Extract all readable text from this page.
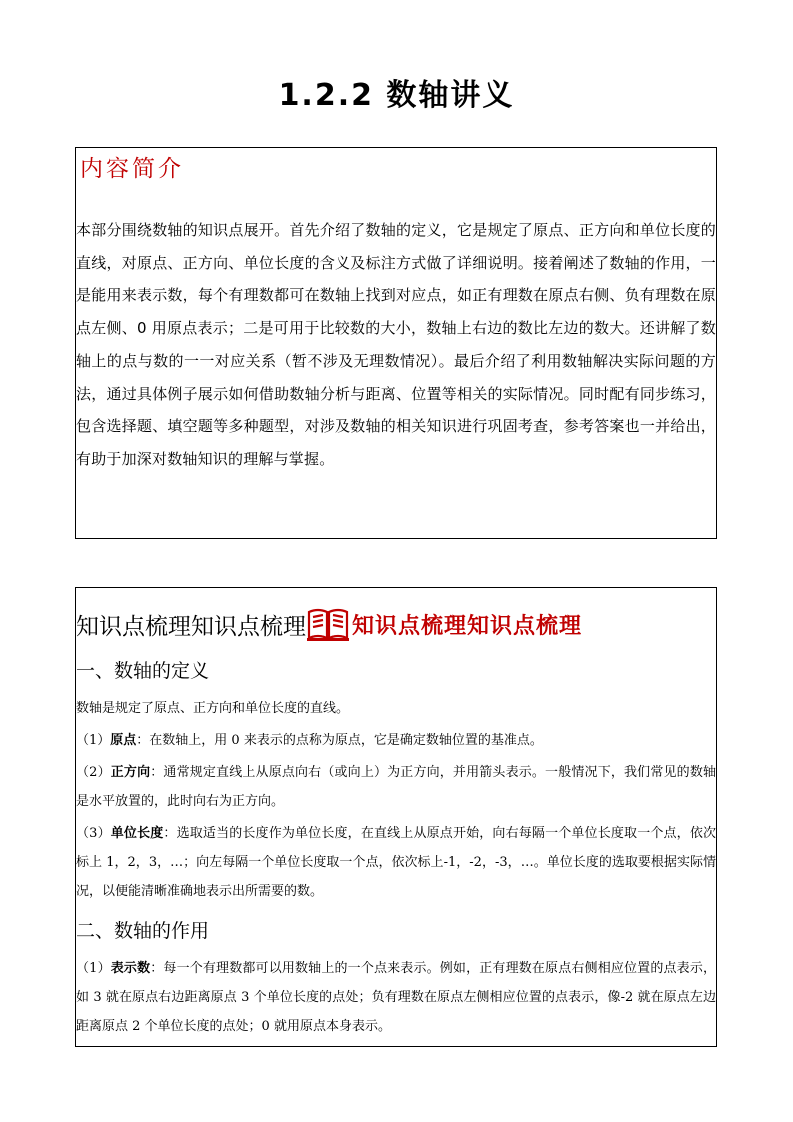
1.2.2 数轴讲义
内容简介
本部分围绕数轴的知识点展开。首先介绍了数轴的定义，它是规定了原点、正方向和单位长度的直线，对原点、正方向、单位长度的含义及标注方式做了详细说明。接着阐述了数轴的作用，一是能用来表示数，每个有理数都可在数轴上找到对应点，如正有理数在原点右侧、负有理数在原点左侧、0 用原点表示；二是可用于比较数的大小，数轴上右边的数比左边的数大。还讲解了数轴上的点与数的一一对应关系（暂不涉及无理数情况）。最后介绍了利用数轴解决实际问题的方法，通过具体例子展示如何借助数轴分析与距离、位置等相关的实际情况。同时配有同步练习，包含选择题、填空题等多种题型，对涉及数轴的相关知识进行巩固考查，参考答案也一并给出，有助于加深对数轴知识的理解与掌握。
知识点梳理知识点梳理 知识点梳理知识点梳理
一、数轴的定义
数轴是规定了原点、正方向和单位长度的直线。
（1）原点：在数轴上，用 0 来表示的点称为原点，它是确定数轴位置的基准点。
（2）正方向：通常规定直线上从原点向右（或向上）为正方向，并用箭头表示。一般情况下，我们常见的数轴是水平放置的，此时向右为正方向。
（3）单位长度：选取适当的长度作为单位长度，在直线上从原点开始，向右每隔一个单位长度取一个点，依次标上 1，2，3，…；向左每隔一个单位长度取一个点，依次标上-1，-2，-3，…。单位长度的选取要根据实际情况，以便能清晰准确地表示出所需要的数。
二、数轴的作用
（1）表示数：每一个有理数都可以用数轴上的一个点来表示。例如，正有理数在原点右侧相应位置的点表示，如 3 就在原点右边距离原点 3 个单位长度的点处；负有理数在原点左侧相应位置的点表示，像-2 就在原点左边距离原点 2 个单位长度的点处；0 就用原点本身表示。
